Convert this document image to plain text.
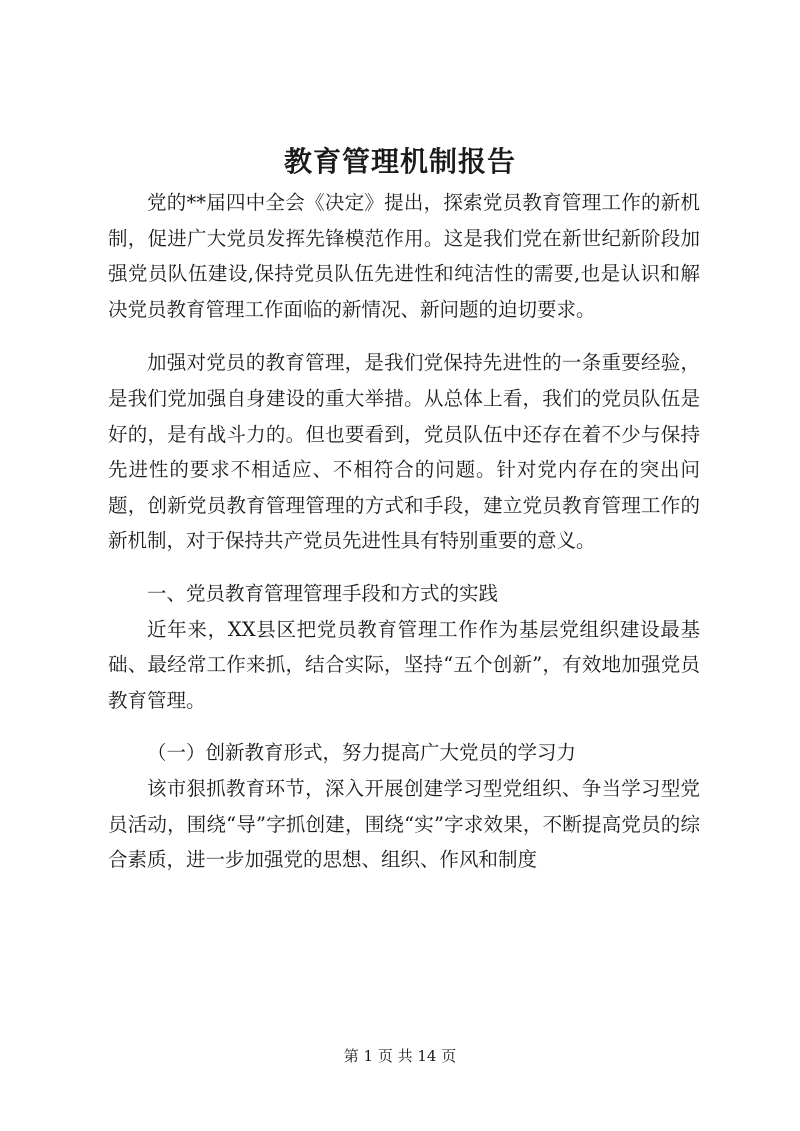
教育管理机制报告

党的**届四中全会《决定》提出，探索党员教育管理工作的新机制，促进广大党员发挥先锋模范作用。这是我们党在新世纪新阶段加强党员队伍建设,保持党员队伍先进性和纯洁性的需要,也是认识和解决党员教育管理工作面临的新情况、新问题的迫切要求。

加强对党员的教育管理，是我们党保持先进性的一条重要经验，是我们党加强自身建设的重大举措。从总体上看，我们的党员队伍是好的，是有战斗力的。但也要看到，党员队伍中还存在着不少与保持先进性的要求不相适应、不相符合的问题。针对党内存在的突出问题，创新党员教育管理管理的方式和手段，建立党员教育管理工作的新机制，对于保持共产党员先进性具有特别重要的意义。

一、党员教育管理管理手段和方式的实践

近年来，XX县区把党员教育管理工作作为基层党组织建设最基础、最经常工作来抓，结合实际，坚持“五个创新”，有效地加强党员教育管理。

（一）创新教育形式，努力提高广大党员的学习力

该市狠抓教育环节，深入开展创建学习型党组织、争当学习型党员活动，围绕“导”字抓创建，围绕“实”字求效果，不断提高党员的综合素质，进一步加强党的思想、组织、作风和制度

第 1 页 共 14 页
